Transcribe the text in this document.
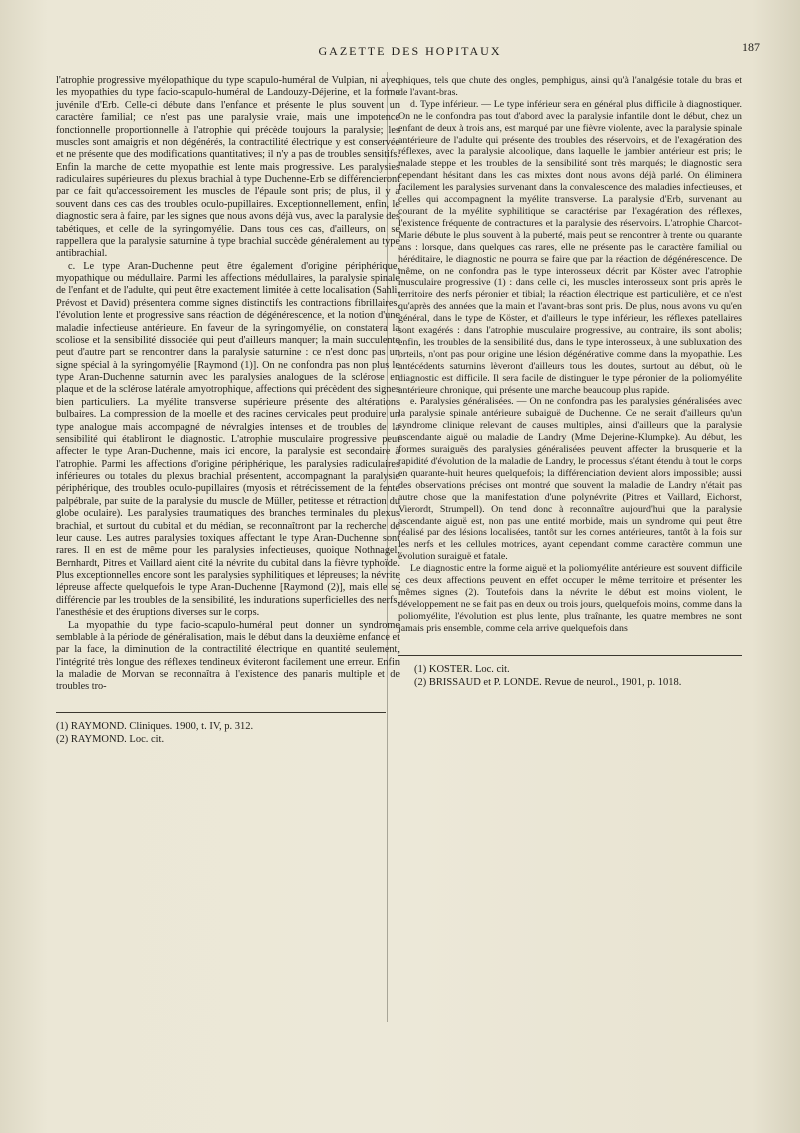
GAZETTE DES HOPITAUX	187

l'atrophie progressive myélopathique du type scapulo-huméral de Vulpian, ni avec les myopathies du type facio-scapulo-huméral de Landouzy-Déjerine, et la forme juvénile d'Erb. Celle-ci débute dans l'enfance et présente le plus souvent un caractère familial; ce n'est pas une paralysie vraie, mais une impotence fonctionnelle proportionnelle à l'atrophie qui précède toujours la paralysie; les muscles sont amaigris et non dégénérés, la contractilité électrique y est conservée et ne présente que des modifications quantitatives; il n'y a pas de troubles sensitifs. Enfin la marche de cette myopathie est lente mais progressive. Les paralysies radiculaires supérieures du plexus brachial à type Duchenne-Erb se différencieront par ce fait qu'accessoirement les muscles de l'épaule sont pris; de plus, il y a souvent dans ces cas des troubles oculo-pupillaires. Exceptionnellement, enfin, le diagnostic sera à faire, par les signes que nous avons déjà vus, avec la paralysie des tabétiques, et celle de la syringomyélie. Dans tous ces cas, d'ailleurs, on se rappellera que la paralysie saturnine à type brachial succède généralement au type antibrachial.

c. Le type Aran-Duchenne peut être également d'origine périphérique, myopathique ou médullaire. Parmi les affections médullaires, la paralysie spinale de l'enfant et de l'adulte, qui peut être exactement limitée à cette localisation (Sahli, Prévost et David) présentera comme signes distinctifs les contractions fibrillaires, l'évolution lente et progressive sans réaction de dégénérescence, et la notion d'une maladie infectieuse antérieure. En faveur de la syringomyélie, on constatera la scoliose et la sensibilité dissociée qui peut d'ailleurs manquer; la main succulente peut d'autre part se rencontrer dans la paralysie saturnine : ce n'est donc pas un signe spécial à la syringomyélie [Raymond (1)]. On ne confondra pas non plus le type Aran-Duchenne saturnin avec les paralysies analogues de la sclérose en plaque et de la sclérose latérale amyotrophique, affections qui précèdent des signes bien particuliers. La myélite transverse supérieure présente des altérations bulbaires. La compression de la moelle et des racines cervicales peut produire un type analogue mais accompagné de névralgies intenses et de troubles de la sensibilité qui établiront le diagnostic. L'atrophie musculaire progressive peut affecter le type Aran-Duchenne, mais ici encore, la paralysie est secondaire à l'atrophie. Parmi les affections d'origine périphérique, les paralysies radiculaires inférieures ou totales du plexus brachial présentent, accompagnant la paralysie périphérique, des troubles oculo-pupillaires (myosis et rétrécissement de la fente palpébrale, par suite de la paralysie du muscle de Müller, petitesse et rétraction du globe oculaire). Les paralysies traumatiques des branches terminales du plexus brachial, et surtout du cubital et du médian, se reconnaîtront par la recherche de leur cause. Les autres paralysies toxiques affectant le type Aran-Duchenne sont rares. Il en est de même pour les paralysies infectieuses, quoique Nothnagel, Bernhardt, Pitres et Vaillard aient cité la névrite du cubital dans la fièvre typhoïde. Plus exceptionnelles encore sont les paralysies syphilitiques et lépreuses; la névrite lépreuse affecte quelquefois le type Aran-Duchenne [Raymond (2)], mais elle se différencie par les troubles de la sensibilité, les indurations superficielles des nerfs, l'anesthésie et des éruptions diverses sur le corps.

La myopathie du type facio-scapulo-huméral peut donner un syndrome semblable à la période de généralisation, mais le début dans la deuxième enfance et par la face, la diminution de la contractilité électrique en quantité seulement, l'intégrité très longue des réflexes tendineux éviteront facilement une erreur. Enfin la maladie de Morvan se reconnaîtra à l'existence des panaris multiple et de troubles tro-

phiques, tels que chute des ongles, pemphigus, ainsi qu'à l'analgésie totale du bras et de l'avant-bras.

d. Type inférieur. — Le type inférieur sera en général plus difficile à diagnostiquer. On ne le confondra pas tout d'abord avec la paralysie infantile dont le début, chez un enfant de deux à trois ans, est marqué par une fièvre violente, avec la paralysie spinale antérieure de l'adulte qui présente des troubles des réservoirs, et de l'exagération des réflexes, avec la paralysie alcoolique, dans laquelle le jambier antérieur est pris; le malade steppe et les troubles de la sensibilité sont très marqués; le diagnostic sera cependant hésitant dans les cas mixtes dont nous avons déjà parlé. On éliminera facilement les paralysies survenant dans la convalescence des maladies infectieuses, et celles qui accompagnent la myélite transverse. La paralysie d'Erb, survenant au courant de la myélite syphilitique se caractérise par l'exagération des réflexes, l'existence fréquente de contractures et la paralysie des réservoirs. L'atrophie Charcot-Marie débute le plus souvent à la puberté, mais peut se rencontrer à trente ou quarante ans : lorsque, dans quelques cas rares, elle ne présente pas le caractère familial ou héréditaire, le diagnostic ne pourra se faire que par la réaction de dégénérescence. De même, on ne confondra pas le type interosseux décrit par Köster avec l'atrophie musculaire progressive (1) : dans celle ci, les muscles interosseux sont pris après le territoire des nerfs péronier et tibial; la réaction électrique est particulière, et ce n'est qu'après des années que la main et l'avant-bras sont pris. De plus, nous avons vu qu'en général, dans le type de Köster, et d'ailleurs le type inférieur, les réflexes patellaires sont exagérés : dans l'atrophie musculaire progressive, au contraire, ils sont abolis; enfin, les troubles de la sensibilité dus, dans le type interosseux, à une subluxation des orteils, n'ont pas pour origine une lésion dégénérative comme dans la myopathie. Les antécédents saturnins lèveront d'ailleurs tous les doutes, surtout au début, où le diagnostic est difficile. Il sera facile de distinguer le type péronier de la poliomyélite antérieure chronique, qui présente une marche beaucoup plus rapide.

e. Paralysies généralisées. — On ne confondra pas les paralysies généralisées avec la paralysie spinale antérieure subaiguë de Duchenne. Ce ne serait d'ailleurs qu'un syndrome clinique relevant de causes multiples, ainsi d'ailleurs que la paralysie ascendante aiguë ou maladie de Landry (Mme Dejerine-Klumpke). Au début, les formes suraiguës des paralysies généralisées peuvent affecter la brusquerie et la rapidité d'évolution de la maladie de Landry, le processus s'étant étendu à tout le corps en quarante-huit heures quelquefois; la différenciation devient alors impossible; aussi des observations précises ont montré que souvent la maladie de Landry n'était pas autre chose que la manifestation d'une polynévrite (Pitres et Vaillard, Eichorst, Vierordt, Strumpell). On tend donc à reconnaître aujourd'hui que la paralysie ascendante aiguë est, non pas une entité morbide, mais un syndrome qui peut être réalisé par des lésions localisées, tantôt sur les cornes antérieures, tantôt à la fois sur les nerfs et les cellules motrices, ayant cependant comme caractère commun une évolution suraiguë et fatale.

Le diagnostic entre la forme aiguë et la poliomyélite antérieure est souvent difficile : ces deux affections peuvent en effet occuper le même territoire et présenter les mêmes signes (2). Toutefois dans la névrite le début est moins violent, le développement ne se fait pas en deux ou trois jours, quelquefois moins, comme dans la poliomyélite, l'évolution est plus lente, plus traînante, les quatre membres ne sont jamais pris ensemble, comme cela arrive quelquefois dans

(1) RAYMOND. Cliniques. 1900, t. IV, p. 312.
(2) RAYMOND. Loc. cit.
(1) KOSTER. Loc. cit.
(2) BRISSAUD et P. LONDE. Revue de neurol., 1901, p. 1018.
